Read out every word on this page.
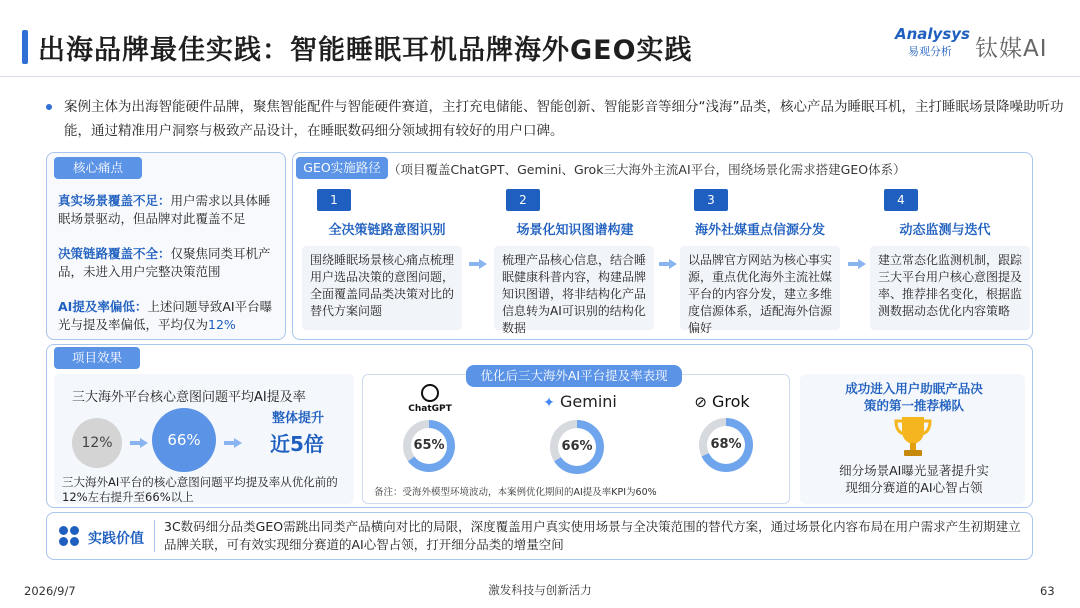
出海品牌最佳实践：智能睡眠耳机品牌海外GEO实践
Analysys
易观分析	钛媒AI
案例主体为出海智能硬件品牌，聚焦智能配件与智能硬件赛道，主打充电储能、智能创新、智能影音等细分“浅海”品类，核心产品为睡眠耳机，主打睡眠场景降噪助听功能，通过精准用户洞察与极致产品设计，在睡眠数码细分领域拥有较好的用户口碑。
核心痛点
真实场景覆盖不足：用户需求以具体睡眠场景驱动，但品牌对此覆盖不足
决策链路覆盖不全：仅聚焦同类耳机产品，未进入用户完整决策范围
AI提及率偏低：上述问题导致AI平台曝光与提及率偏低，平均仅为12%
GEO实施路径 （项目覆盖ChatGPT、Gemini、Grok三大海外主流AI平台，围绕场景化需求搭建GEO体系）
1
全决策链路意图识别
围绕睡眠场景核心痛点梳理用户选品决策的意图问题，全面覆盖同品类决策对比的替代方案问题
2
场景化知识图谱构建
梳理产品核心信息，结合睡眠健康科普内容，构建品牌知识图谱，将非结构化产品信息转为AI可识别的结构化数据
3
海外社媒重点信源分发
以品牌官方网站为核心事实源，重点优化海外主流社媒平台的内容分发，建立多维度信源体系，适配海外信源偏好
4
动态监测与迭代
建立常态化监测机制，跟踪三大平台用户核心意图提及率、推荐排名变化，根据监测数据动态优化内容策略
项目效果
三大海外平台核心意图问题平均AI提及率
12%	66%
整体提升
近5倍
三大海外AI平台的核心意图问题平均提及率从优化前的12%左右提升至66%以上
优化后三大海外AI平台提及率表现
ChatGPT	✦ Gemini	⊘ Grok
65%	66%	68%
备注：受海外模型环境波动，本案例优化期间的AI提及率KPI为60%
成功进入用户助眠产品决策的第一推荐梯队
细分场景AI曝光显著提升实现细分赛道的AI心智占领
实践价值
3C数码细分品类GEO需跳出同类产品横向对比的局限，深度覆盖用户真实使用场景与全决策范围的替代方案，通过场景化内容布局在用户需求产生初期建立品牌关联，可有效实现细分赛道的AI心智占领，打开细分品类的增量空间
2026/9/7	激发科技与创新活力	63
